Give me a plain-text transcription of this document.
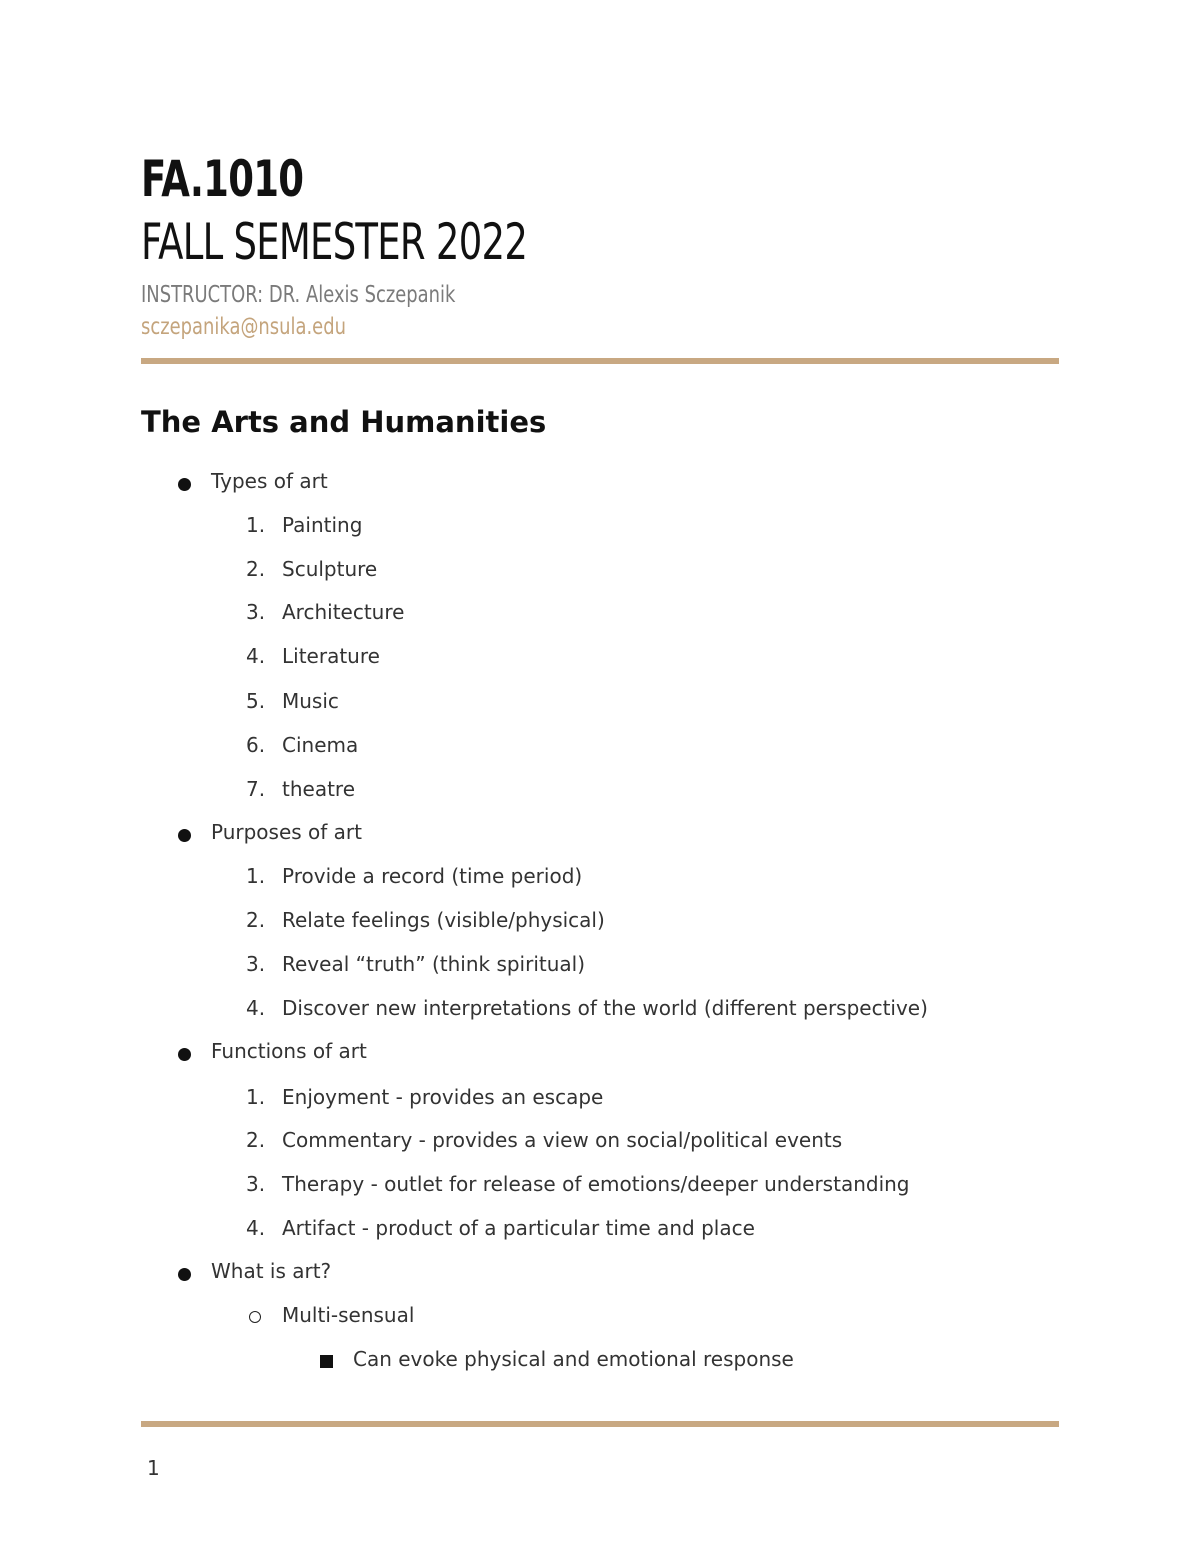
FA.1010
FALL SEMESTER 2022
INSTRUCTOR: DR. Alexis Sczepanik
sczepanika@nsula.edu
The Arts and Humanities
Types of art
1. Painting
2. Sculpture
3. Architecture
4. Literature
5. Music
6. Cinema
7. theatre
Purposes of art
1. Provide a record (time period)
2. Relate feelings (visible/physical)
3. Reveal “truth” (think spiritual)
4. Discover new interpretations of the world (different perspective)
Functions of art
1. Enjoyment - provides an escape
2. Commentary - provides a view on social/political events
3. Therapy - outlet for release of emotions/deeper understanding
4. Artifact - product of a particular time and place
What is art?
Multi-sensual
Can evoke physical and emotional response
1
